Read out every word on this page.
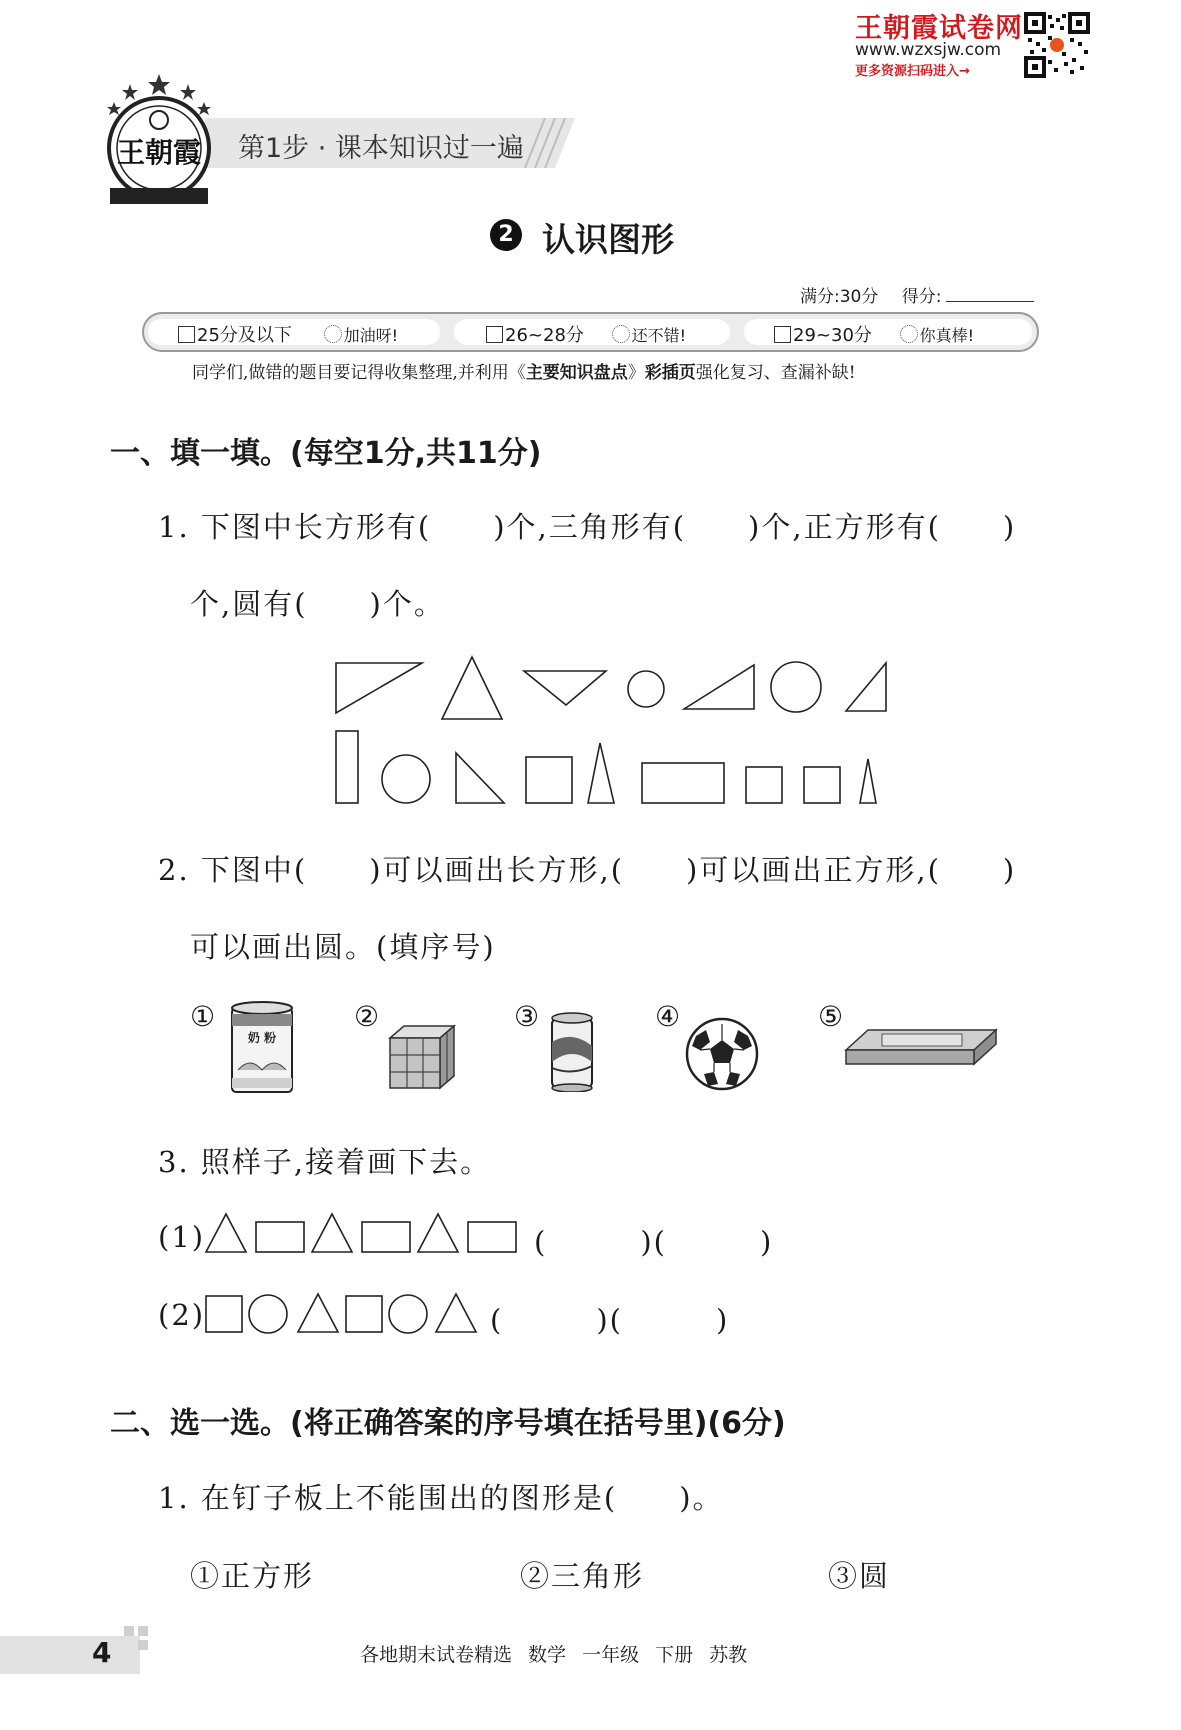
王朝霞试卷网
www.wzxsjw.com
更多资源扫码进入→
第1步 · 课本知识过一遍
王朝霞
2 认识图形
满分:30分 得分:
25分及以下	加油呀!	26~28分	还不错!	29~30分	你真棒!
同学们,做错的题目要记得收集整理,并利用《主要知识盘点》彩插页强化复习、查漏补缺!
一、填一填。(每空1分,共11分)
1. 下图中长方形有(　　)个,三角形有(　　)个,正方形有(　　)
个,圆有(　　)个。
2. 下图中(　　)可以画出长方形,(　　)可以画出正方形,(　　)
可以画出圆。(填序号)
①
奶 粉
②	③	④	⑤
3. 照样子,接着画下去。
(1)	(　　　)(　　　)
(2)	(　　　)(　　　)
二、选一选。(将正确答案的序号填在括号里)(6分)
1. 在钉子板上不能围出的图形是(　　)。
①正方形	②三角形	③圆
4	各地期末试卷精选 数学 一年级 下册 苏教
